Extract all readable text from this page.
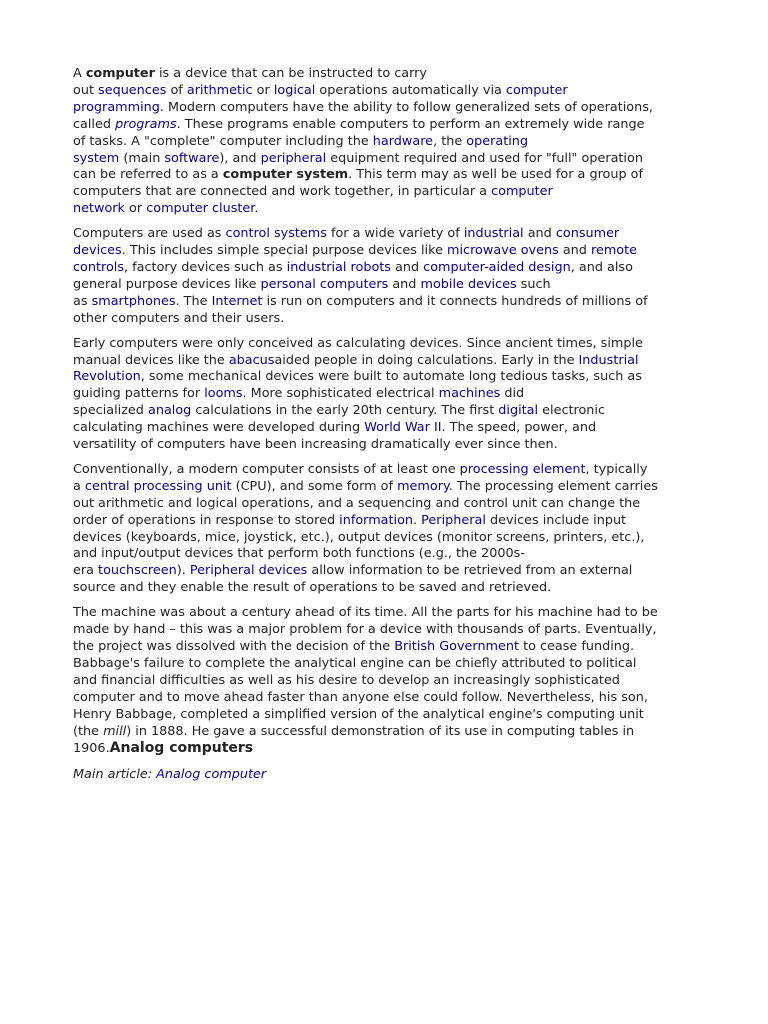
A computer is a device that can be instructed to carry
out sequences of arithmetic or logical operations automatically via computer
programming. Modern computers have the ability to follow generalized sets of operations,
called programs. These programs enable computers to perform an extremely wide range
of tasks. A "complete" computer including the hardware, the operating
system (main software), and peripheral equipment required and used for "full" operation
can be referred to as a computer system. This term may as well be used for a group of
computers that are connected and work together, in particular a computer
network or computer cluster.

Computers are used as control systems for a wide variety of industrial and consumer
devices. This includes simple special purpose devices like microwave ovens and remote
controls, factory devices such as industrial robots and computer-aided design, and also
general purpose devices like personal computers and mobile devices such
as smartphones. The Internet is run on computers and it connects hundreds of millions of
other computers and their users.

Early computers were only conceived as calculating devices. Since ancient times, simple
manual devices like the abacusaided people in doing calculations. Early in the Industrial
Revolution, some mechanical devices were built to automate long tedious tasks, such as
guiding patterns for looms. More sophisticated electrical machines did
specialized analog calculations in the early 20th century. The first digital electronic
calculating machines were developed during World War II. The speed, power, and
versatility of computers have been increasing dramatically ever since then.

Conventionally, a modern computer consists of at least one processing element, typically
a central processing unit (CPU), and some form of memory. The processing element carries
out arithmetic and logical operations, and a sequencing and control unit can change the
order of operations in response to stored information. Peripheral devices include input
devices (keyboards, mice, joystick, etc.), output devices (monitor screens, printers, etc.),
and input/output devices that perform both functions (e.g., the 2000s-
era touchscreen). Peripheral devices allow information to be retrieved from an external
source and they enable the result of operations to be saved and retrieved.

The machine was about a century ahead of its time. All the parts for his machine had to be
made by hand – this was a major problem for a device with thousands of parts. Eventually,
the project was dissolved with the decision of the British Government to cease funding.
Babbage's failure to complete the analytical engine can be chiefly attributed to political
and financial difficulties as well as his desire to develop an increasingly sophisticated
computer and to move ahead faster than anyone else could follow. Nevertheless, his son,
Henry Babbage, completed a simplified version of the analytical engine's computing unit
(the mill) in 1888. He gave a successful demonstration of its use in computing tables in
1906.Analog computers

Main article: Analog computer
